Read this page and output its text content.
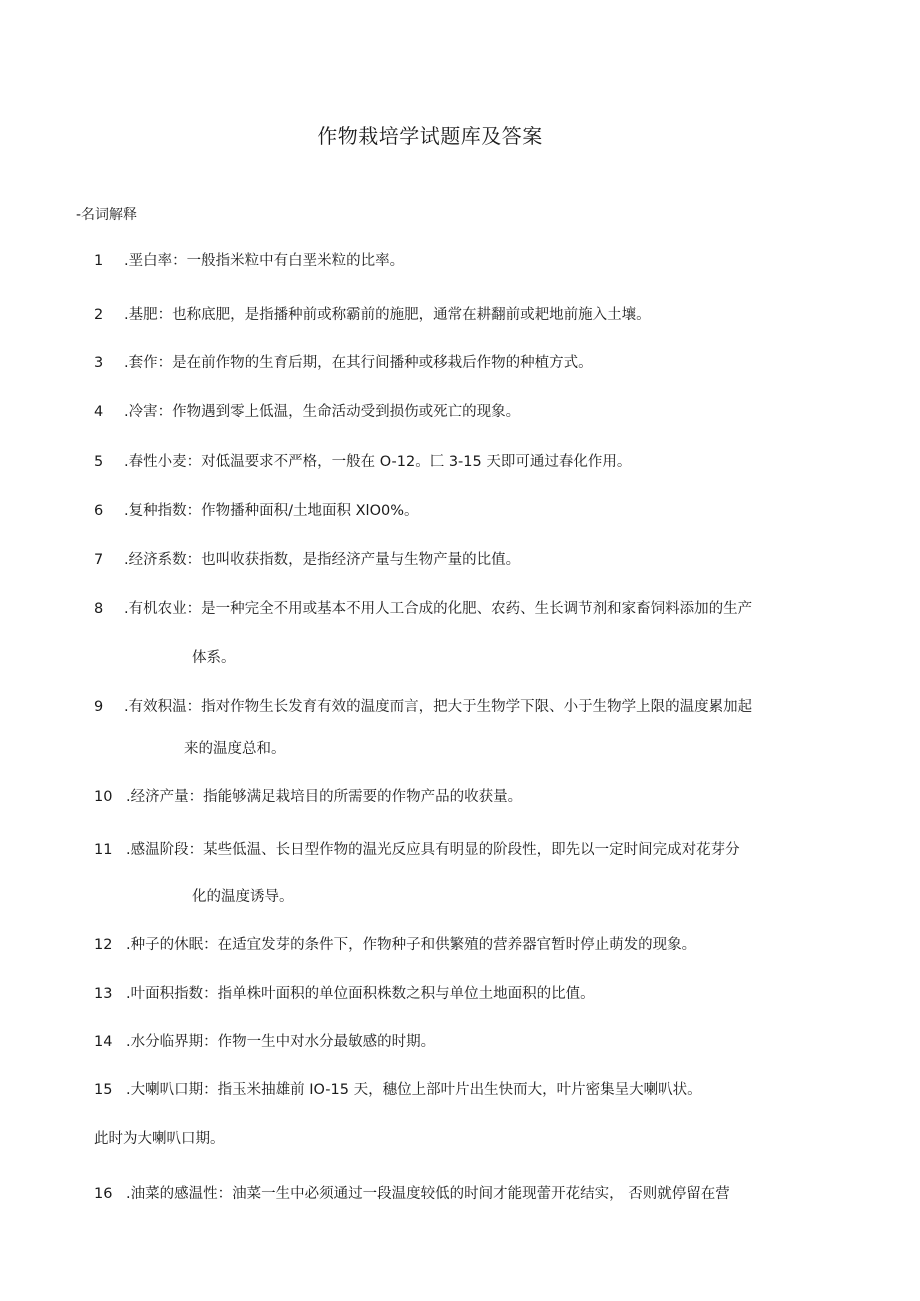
作物栽培学试题库及答案
-名词解释
1 .垩白率：一般指米粒中有白垩米粒的比率。
2 .基肥：也称底肥，是指播种前或称霸前的施肥，通常在耕翻前或耙地前施入土壤。
3 .套作：是在前作物的生育后期，在其行间播种或移栽后作物的种植方式。
4 .冷害：作物遇到零上低温，生命活动受到损伤或死亡的现象。
5 .春性小麦：对低温要求不严格，一般在 O-12。匚 3-15 天即可通过春化作用。
6 .复种指数：作物播种面积/土地面积 XlO0%。
7 .经济系数：也叫收获指数，是指经济产量与生物产量的比值。
8 .有机农业：是一种完全不用或基本不用人工合成的化肥、农药、生长调节剂和家畜饲料添加的生产
体系。
9 .有效积温：指对作物生长发育有效的温度而言，把大于生物学下限、小于生物学上限的温度累加起
来的温度总和。
10 .经济产量：指能够满足栽培目的所需要的作物产品的收获量。
11 .感温阶段：某些低温、长日型作物的温光反应具有明显的阶段性，即先以一定时间完成对花芽分
化的温度诱导。
12 .种子的休眠：在适宜发芽的条件下，作物种子和供繁殖的营养器官暂时停止萌发的现象。
13 .叶面积指数：指单株叶面积的单位面积株数之积与单位土地面积的比值。
14 .水分临界期：作物一生中对水分最敏感的时期。
15 .大喇叭口期：指玉米抽雄前 IO-15 天，穗位上部叶片出生快而大，叶片密集呈大喇叭状。
此时为大喇叭口期。
16 .油菜的感温性：油菜一生中必须通过一段温度较低的时间才能现蕾开花结实， 否则就停留在营
